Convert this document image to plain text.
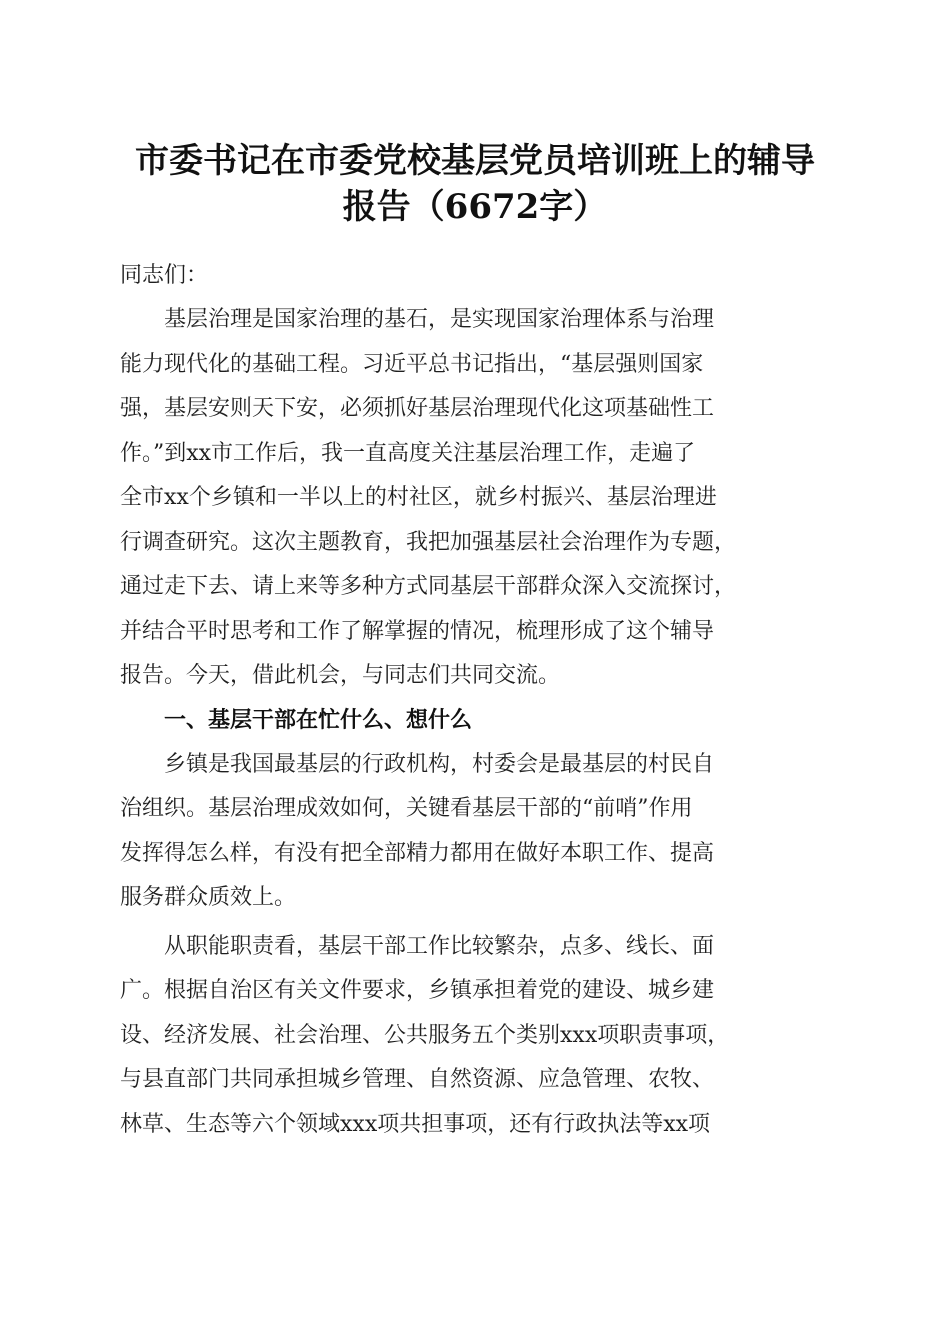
市委书记在市委党校基层党员培训班上的辅导
报告（6672字）

同志们：

基层治理是国家治理的基石，是实现国家治理体系与治理
能力现代化的基础工程。习近平总书记指出，“基层强则国家
强，基层安则天下安，必须抓好基层治理现代化这项基础性工
作。”到xx市工作后，我一直高度关注基层治理工作，走遍了
全市xx个乡镇和一半以上的村社区，就乡村振兴、基层治理进
行调查研究。这次主题教育，我把加强基层社会治理作为专题，
通过走下去、请上来等多种方式同基层干部群众深入交流探讨，
并结合平时思考和工作了解掌握的情况，梳理形成了这个辅导
报告。今天，借此机会，与同志们共同交流。

一、基层干部在忙什么、想什么

乡镇是我国最基层的行政机构，村委会是最基层的村民自
治组织。基层治理成效如何，关键看基层干部的“前哨”作用
发挥得怎么样，有没有把全部精力都用在做好本职工作、提高
服务群众质效上。
从职能职责看，基层干部工作比较繁杂，点多、线长、面
广。根据自治区有关文件要求，乡镇承担着党的建设、城乡建
设、经济发展、社会治理、公共服务五个类别xxx项职责事项，
与县直部门共同承担城乡管理、自然资源、应急管理、农牧、
林草、生态等六个领域xxx项共担事项，还有行政执法等xx项
